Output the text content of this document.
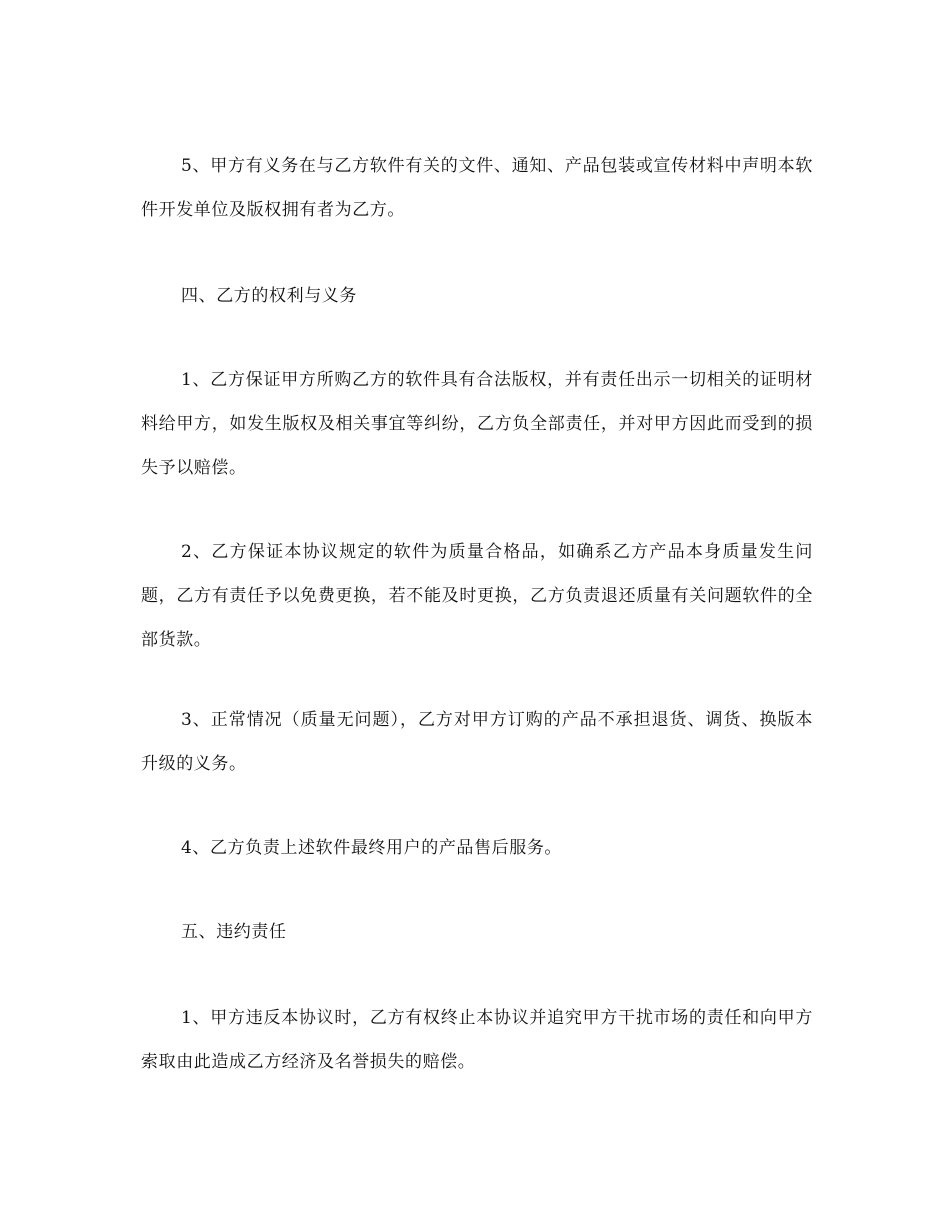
5、甲方有义务在与乙方软件有关的文件、通知、产品包装或宣传材料中声明本软件开发单位及版权拥有者为乙方。

四、乙方的权利与义务

1、乙方保证甲方所购乙方的软件具有合法版权，并有责任出示一切相关的证明材料给甲方，如发生版权及相关事宜等纠纷，乙方负全部责任，并对甲方因此而受到的损失予以赔偿。

2、乙方保证本协议规定的软件为质量合格品，如确系乙方产品本身质量发生问题，乙方有责任予以免费更换，若不能及时更换，乙方负责退还质量有关问题软件的全部货款。

3、正常情况（质量无问题），乙方对甲方订购的产品不承担退货、调货、换版本升级的义务。

4、乙方负责上述软件最终用户的产品售后服务。

五、违约责任

1、甲方违反本协议时，乙方有权终止本协议并追究甲方干扰市场的责任和向甲方索取由此造成乙方经济及名誉损失的赔偿。
